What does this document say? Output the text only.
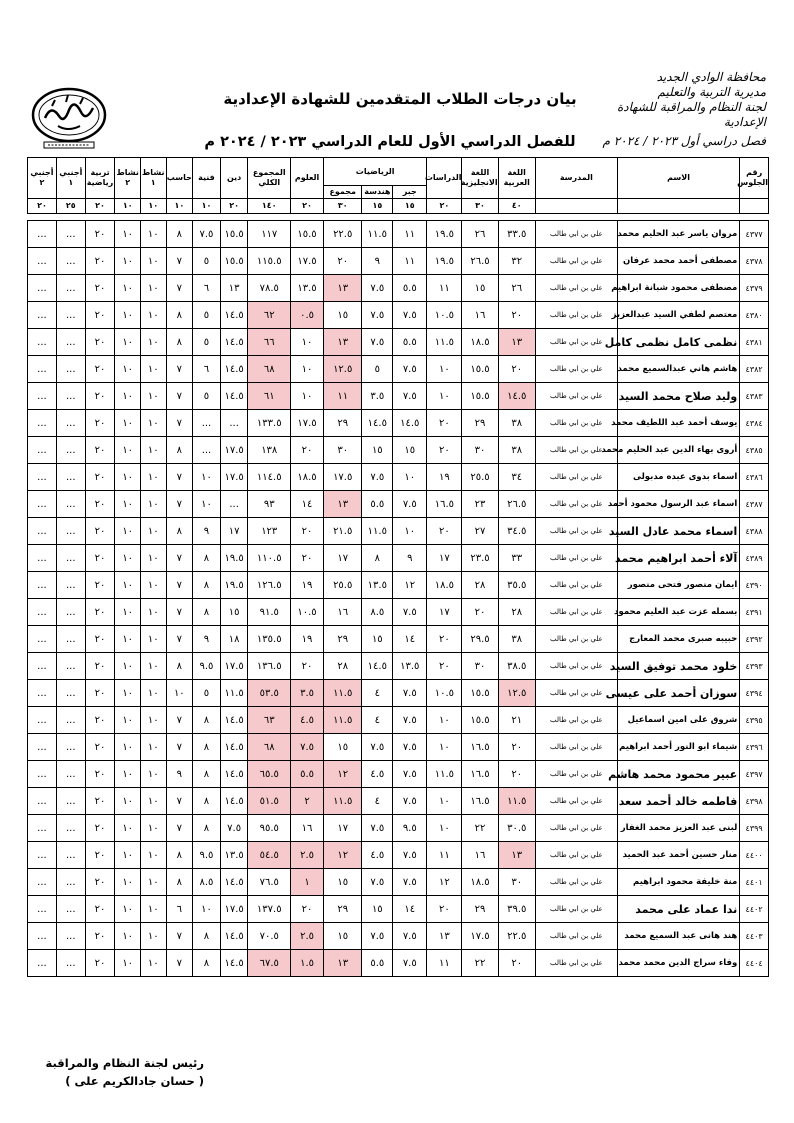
محافظة الوادي الجديد
مديرية التربية والتعليم
لجنة النظام والمراقبة للشهادة الإعدادية
فصل دراسي أول ٢٠٢٣ / ٢٠٢٤ م
بيان درجات الطلاب المتقدمين للشهادة الإعدادية
للفصل الدراسي الأول للعام الدراسي ٢٠٢٣ / ٢٠٢٤ م
رقم الجلوس	الاسم	المدرسة	اللغة العربية	اللغة الانجليزية	الدراسات	الرياضيات			العلوم	المجموع الكلي	دين	فنية	حاسب	نشاط ١	نشاط ٢	تربية رياضية	أجنبي ١	أجنبي ٢
						جبر	هندسة	مجموع										
			٤٠	٣٠	٢٠	١٥	١٥	٣٠	٢٠	١٤٠	٢٠	١٠	١٠	١٠	١٠	٢٠	٢٥	٢٠

٤٣٧٧	مروان ياسر عبد الحليم محمد	علي بن ابي طالب	٣٣.٥	٢٦	١٩.٥	١١	١١.٥	٢٢.٥	١٥.٥	١١٧	١٥.٥	٧.٥	٨	١٠	١٠	٢٠	...	...
٤٣٧٨	مصطفى أحمد محمد عرفان	علي بن ابي طالب	٣٢	٢٦.٥	١٩.٥	١١	٩	٢٠	١٧.٥	١١٥.٥	١٥.٥	٥	٧	١٠	١٠	٢٠	...	...
٤٣٧٩	مصطفى محمود شبانة ابراهيم	علي بن ابي طالب	٢٦	١٥	١١	٥.٥	٧.٥	١٣	١٣.٥	٧٨.٥	١٣	٦	٧	١٠	١٠	٢٠	...	...
٤٣٨٠	معتصم لطفي السيد عبدالعزيز	علي بن ابي طالب	٢٠	١٦	١٠.٥	٧.٥	٧.٥	١٥	٠.٥	٦٢	١٤.٥	٥	٨	١٠	١٠	٢٠	...	...
٤٣٨١	نظمى كامل نظمى كامل	علي بن ابي طالب	١٣	١٨.٥	١١.٥	٥.٥	٧.٥	١٣	١٠	٦٦	١٤.٥	٥	٨	١٠	١٠	٢٠	...	...
٤٣٨٢	هاشم هاني عبدالسميع محمد	علي بن ابي طالب	٢٠	١٥.٥	١٠	٧.٥	٥	١٢.٥	١٠	٦٨	١٤.٥	٦	٧	١٠	١٠	٢٠	...	...
٤٣٨٣	وليد صلاح محمد السيد	علي بن ابي طالب	١٤.٥	١٥.٥	١٠	٧.٥	٣.٥	١١	١٠	٦١	١٤.٥	٥	٧	١٠	١٠	٢٠	...	...
٤٣٨٤	يوسف أحمد عبد اللطيف محمد	علي بن ابي طالب	٣٨	٢٩	٢٠	١٤.٥	١٤.٥	٢٩	١٧.٥	١٣٣.٥	...	...	٧	١٠	١٠	٢٠	...	...
٤٣٨٥	أروى بهاء الدين عبد الحليم محمد	علي بن ابي طالب	٣٨	٣٠	٢٠	١٥	١٥	٣٠	٢٠	١٣٨	١٧.٥	...	٨	١٠	١٠	٢٠	...	...
٤٣٨٦	اسماء بدوى عبده مدبولى	علي بن ابي طالب	٣٤	٢٥.٥	١٩	١٠	٧.٥	١٧.٥	١٨.٥	١١٤.٥	١٧.٥	١٠	٧	١٠	١٠	٢٠	...	...
٤٣٨٧	اسماء عبد الرسول محمود أحمد	علي بن ابي طالب	٢٦.٥	٢٣	١٦.٥	٧.٥	٥.٥	١٣	١٤	٩٣	...	١٠	٧	١٠	١٠	٢٠	...	...
٤٣٨٨	اسماء محمد عادل السيد	علي بن ابي طالب	٣٤.٥	٢٧	٢٠	١٠	١١.٥	٢١.٥	٢٠	١٢٣	١٧	٩	٨	١٠	١٠	٢٠	...	...
٤٣٨٩	آلاء أحمد ابراهيم محمد	علي بن ابي طالب	٣٣	٢٣.٥	١٧	٩	٨	١٧	٢٠	١١٠.٥	١٩.٥	٨	٧	١٠	١٠	٢٠	...	...
٤٣٩٠	ايمان منصور فتحى منصور	علي بن ابي طالب	٣٥.٥	٢٨	١٨.٥	١٢	١٣.٥	٢٥.٥	١٩	١٢٦.٥	١٩.٥	٨	٧	١٠	١٠	٢٠	...	...
٤٣٩١	بسمله عزت عبد العليم محمود	علي بن ابي طالب	٢٨	٢٠	١٧	٧.٥	٨.٥	١٦	١٠.٥	٩١.٥	١٥	٨	٧	١٠	١٠	٢٠	...	...
٤٣٩٢	حبيبه صبرى محمد المعارج	علي بن ابي طالب	٣٨	٢٩.٥	٢٠	١٤	١٥	٢٩	١٩	١٣٥.٥	١٨	٩	٧	١٠	١٠	٢٠	...	...
٤٣٩٣	خلود محمد توفيق السيد	علي بن ابي طالب	٣٨.٥	٣٠	٢٠	١٣.٥	١٤.٥	٢٨	٢٠	١٣٦.٥	١٧.٥	٩.٥	٨	١٠	١٠	٢٠	...	...
٤٣٩٤	سوزان أحمد على عيسى	علي بن ابي طالب	١٢.٥	١٥.٥	١٠.٥	٧.٥	٤	١١.٥	٣.٥	٥٣.٥	١١.٥	٥	١٠	١٠	١٠	٢٠	...	...
٤٣٩٥	شروق على امين اسماعيل	علي بن ابي طالب	٢١	١٥.٥	١٠	٧.٥	٤	١١.٥	٤.٥	٦٣	١٤.٥	٨	٧	١٠	١٠	٢٠	...	...
٤٣٩٦	شيماء ابو النور أحمد ابراهيم	علي بن ابي طالب	٢٠	١٦.٥	١٠	٧.٥	٧.٥	١٥	٧.٥	٦٨	١٤.٥	٨	٧	١٠	١٠	٢٠	...	...
٤٣٩٧	عبير محمود محمد هاشم	علي بن ابي طالب	٢٠	١٦.٥	١١.٥	٧.٥	٤.٥	١٢	٥.٥	٦٥.٥	١٤.٥	٨	٩	١٠	١٠	٢٠	...	...
٤٣٩٨	فاطمه خالد أحمد سعد	علي بن ابي طالب	١١.٥	١٦.٥	١٠	٧.٥	٤	١١.٥	٢	٥١.٥	١٤.٥	٨	٧	١٠	١٠	٢٠	...	...
٤٣٩٩	لبنى عبد العزيز محمد الغفار	علي بن ابي طالب	٣٠.٥	٢٢	١٠	٩.٥	٧.٥	١٧	١٦	٩٥.٥	٧.٥	٨	٧	١٠	١٠	٢٠	...	...
٤٤٠٠	منار حسين أحمد عبد الحميد	علي بن ابي طالب	١٣	١٦	١١	٧.٥	٤.٥	١٢	٢.٥	٥٤.٥	١٣.٥	٩.٥	٨	١٠	١٠	٢٠	...	...
٤٤٠١	منة خليفة محمود ابراهيم	علي بن ابي طالب	٣٠	١٨.٥	١٢	٧.٥	٧.٥	١٥	١	٧٦.٥	١٤.٥	٨.٥	٨	١٠	١٠	٢٠	...	...
٤٤٠٢	ندا عماد على محمد	علي بن ابي طالب	٣٩.٥	٢٩	٢٠	١٤	١٥	٢٩	٢٠	١٣٧.٥	١٧.٥	١٠	٦	١٠	١٠	٢٠	...	...
٤٤٠٣	هند هانى عبد السميع محمد	علي بن ابي طالب	٢٢.٥	١٧.٥	١٣	٧.٥	٧.٥	١٥	٢.٥	٧٠.٥	١٤.٥	٨	٧	١٠	١٠	٢٠	...	...
٤٤٠٤	وفاء سراج الدين محمد محمد	علي بن ابي طالب	٢٠	٢٢	١١	٧.٥	٥.٥	١٣	١.٥	٦٧.٥	١٤.٥	٨	٧	١٠	١٠	٢٠	...	...
رئيس لجنة النظام والمراقبة
( حسان جادالكريم على )
